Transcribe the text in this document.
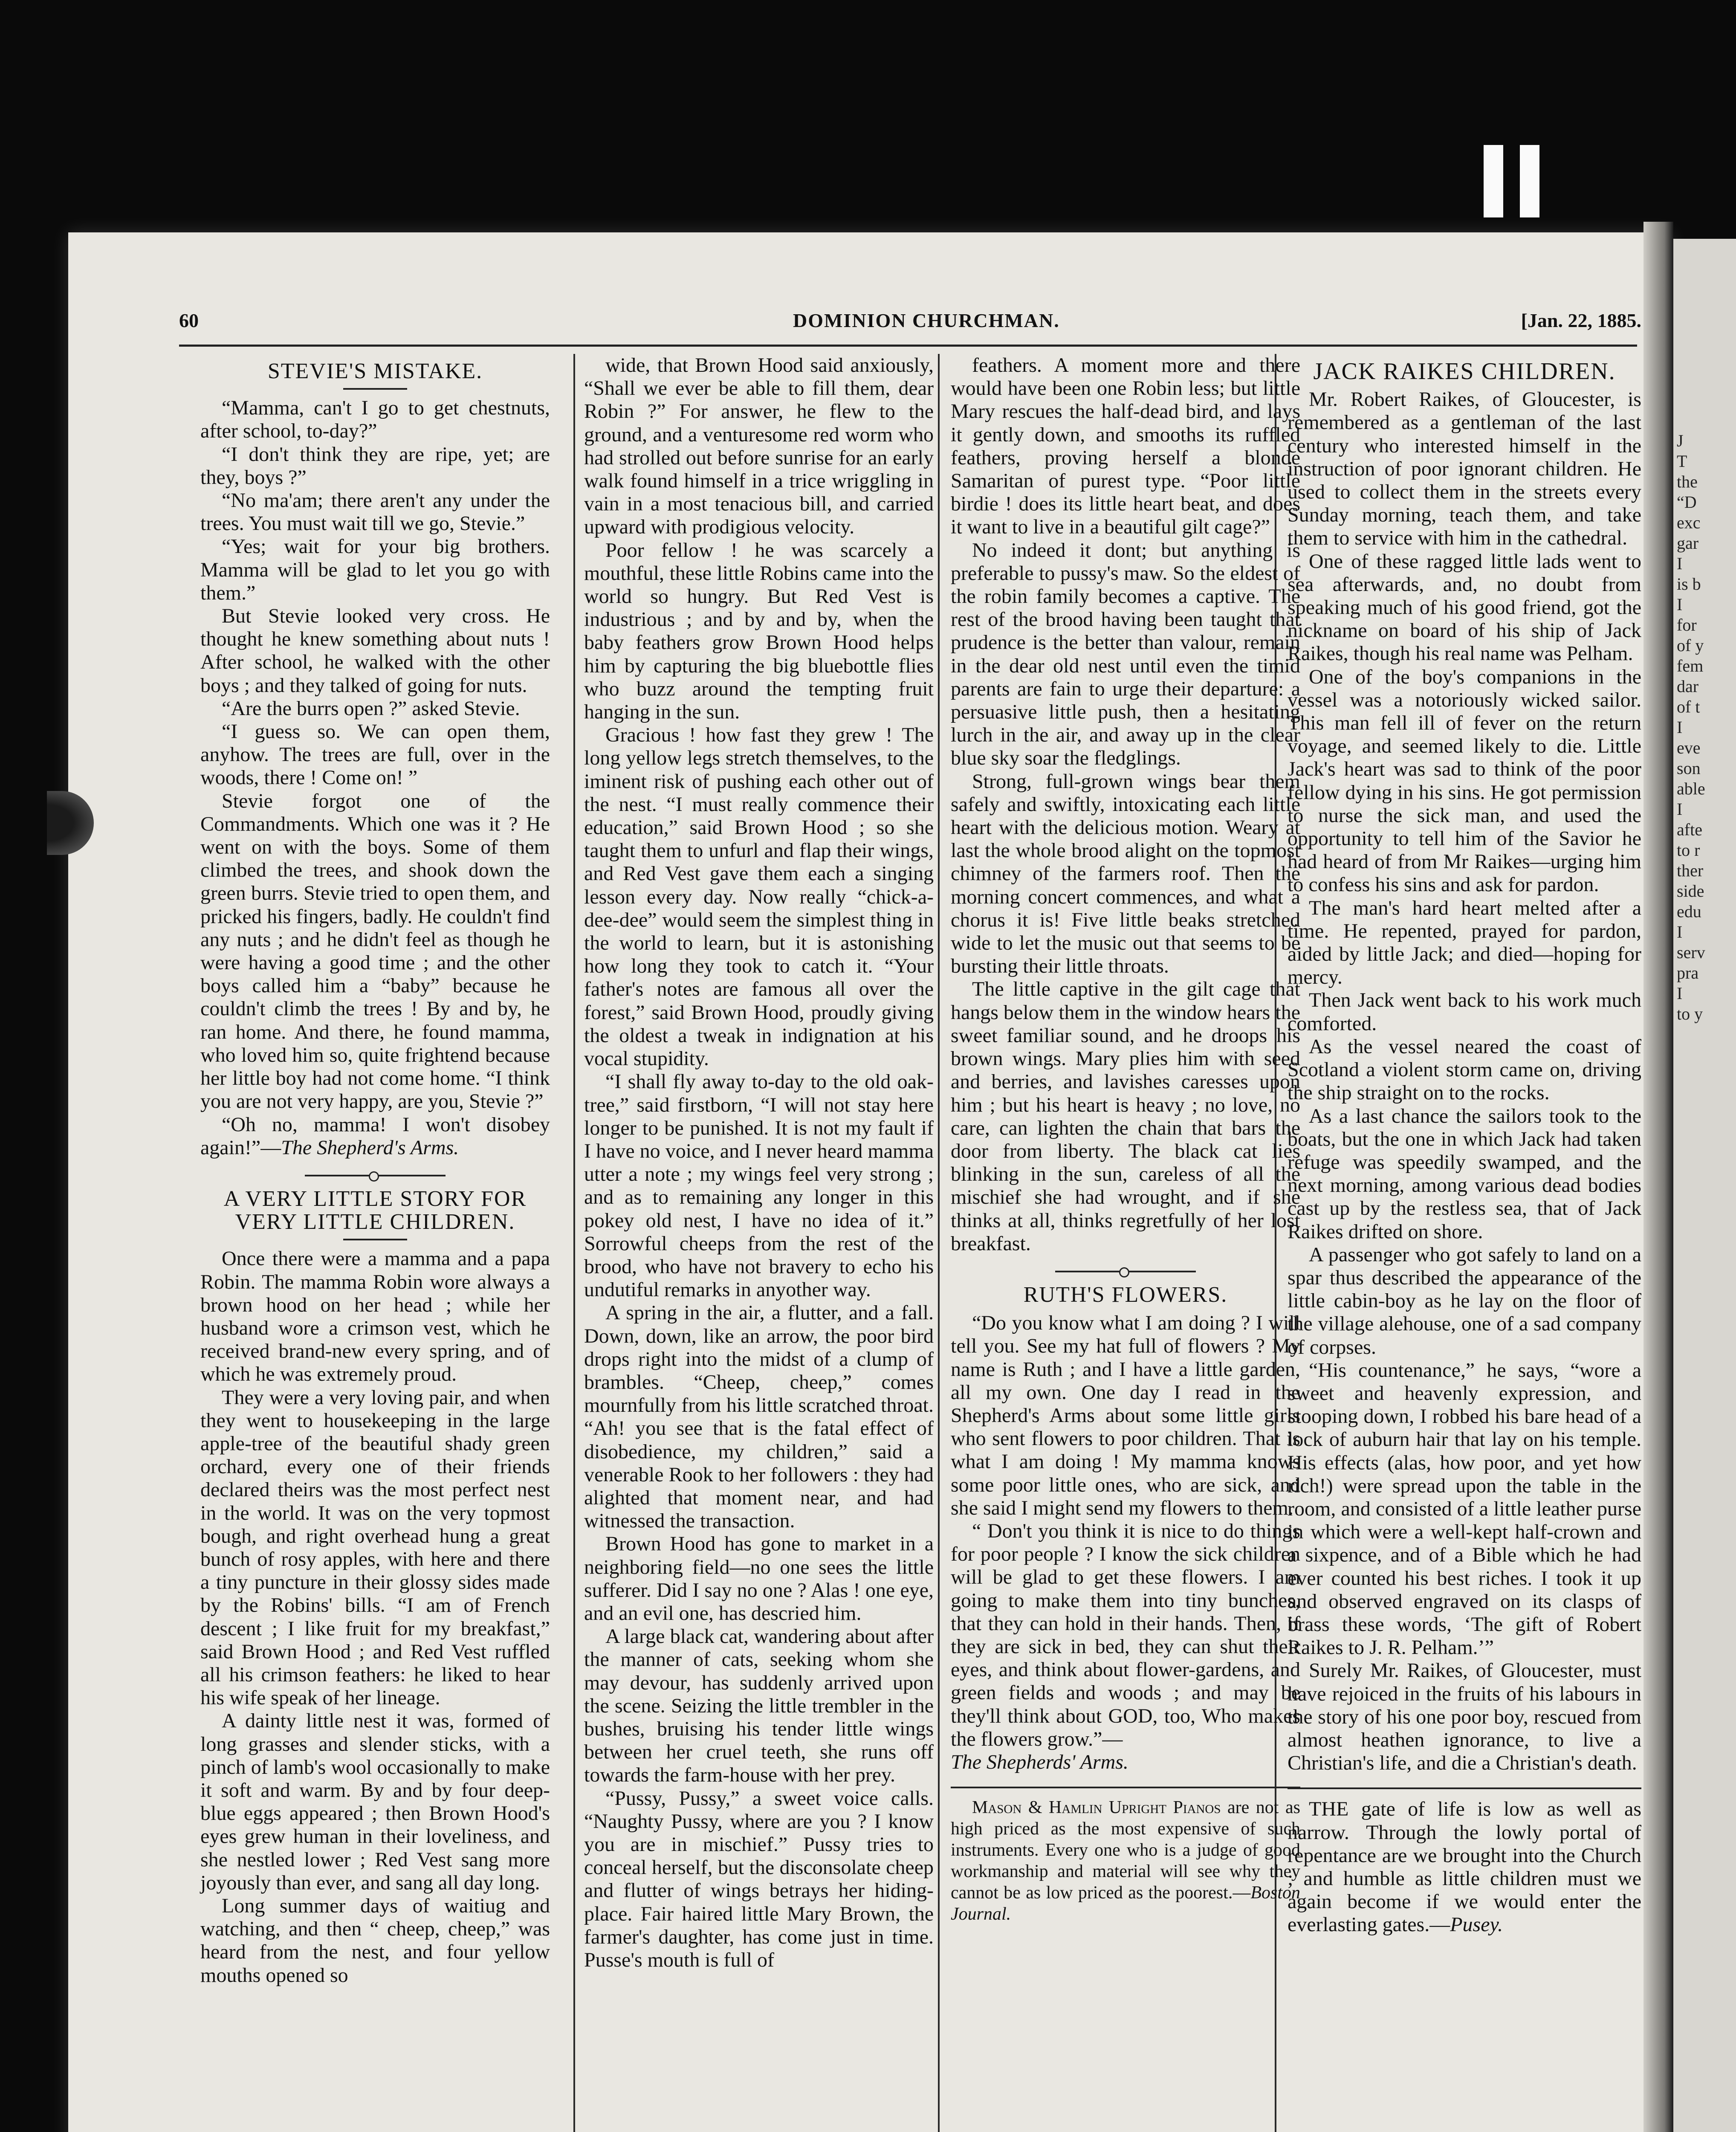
J
T
the
“D
exc
gar
I
is b
I
for
of y
fem
dar
of t
I
eve
son
able
I
afte
to r
ther
side
edu
I
serv
pra
I
to y
60	DOMINION CHURCHMAN.	[Jan. 22, 1885.
STEVIE'S MISTAKE.

“Mamma, can't I go to get chestnuts, after school, to-day?”

“I don't think they are ripe, yet; are they, boys ?”

“No ma'am; there aren't any under the trees. You must wait till we go, Stevie.”

“Yes; wait for your big brothers. Mamma will be glad to let you go with them.”

But Stevie looked very cross. He thought he knew something about nuts ! After school, he walked with the other boys ; and they talked of going for nuts.

“Are the burrs open ?” asked Stevie.

“I guess so. We can open them, anyhow. The trees are full, over in the woods, there ! Come on! ”

Stevie forgot one of the Commandments. Which one was it ? He went on with the boys. Some of them climbed the trees, and shook down the green burrs. Stevie tried to open them, and pricked his fingers, badly. He couldn't find any nuts ; and he didn't feel as though he were having a good time ; and the other boys called him a “baby” because he couldn't climb the trees ! By and by, he ran home. And there, he found mamma, who loved him so, quite frightend because her little boy had not come home. “I think you are not very happy, are you, Stevie ?”

“Oh no, mamma! I won't disobey again!”—The Shepherd's Arms.

A VERY LITTLE STORY FOR VERY LITTLE CHILDREN.

Once there were a mamma and a papa Robin. The mamma Robin wore always a brown hood on her head ; while her husband wore a crimson vest, which he received brand-new every spring, and of which he was extremely proud.

They were a very loving pair, and when they went to housekeeping in the large apple-tree of the beautiful shady green orchard, every one of their friends declared theirs was the most perfect nest in the world. It was on the very topmost bough, and right overhead hung a great bunch of rosy apples, with here and there a tiny puncture in their glossy sides made by the Robins' bills. “I am of French descent ; I like fruit for my breakfast,” said Brown Hood ; and Red Vest ruffled all his crimson feathers: he liked to hear his wife speak of her lineage.

A dainty little nest it was, formed of long grasses and slender sticks, with a pinch of lamb's wool occasionally to make it soft and warm. By and by four deep-blue eggs appeared ; then Brown Hood's eyes grew human in their loveliness, and she nestled lower ; Red Vest sang more joyously than ever, and sang all day long.

Long summer days of waitiug and watching, and then “ cheep, cheep,” was heard from the nest, and four yellow mouths opened so

wide, that Brown Hood said anxiously, “Shall we ever be able to fill them, dear Robin ?” For answer, he flew to the ground, and a venturesome red worm who had strolled out before sunrise for an early walk found himself in a trice wriggling in vain in a most tenacious bill, and carried upward with prodigious velocity.

Poor fellow ! he was scarcely a mouthful, these little Robins came into the world so hungry. But Red Vest is industrious ; and by and by, when the baby feathers grow Brown Hood helps him by capturing the big bluebottle flies who buzz around the tempting fruit hanging in the sun.

Gracious ! how fast they grew ! The long yellow legs stretch themselves, to the iminent risk of pushing each other out of the nest. “I must really commence their education,” said Brown Hood ; so she taught them to unfurl and flap their wings, and Red Vest gave them each a singing lesson every day. Now really “chick-a-dee-dee” would seem the simplest thing in the world to learn, but it is astonishing how long they took to catch it. “Your father's notes are famous all over the forest,” said Brown Hood, proudly giving the oldest a tweak in indignation at his vocal stupidity.

“I shall fly away to-day to the old oak-tree,” said firstborn, “I will not stay here longer to be punished. It is not my fault if I have no voice, and I never heard mamma utter a note ; my wings feel very strong ; and as to remaining any longer in this pokey old nest, I have no idea of it.” Sorrowful cheeps from the rest of the brood, who have not bravery to echo his undutiful remarks in anyother way.

A spring in the air, a flutter, and a fall. Down, down, like an arrow, the poor bird drops right into the midst of a clump of brambles. “Cheep, cheep,” comes mournfully from his little scratched throat. “Ah! you see that is the fatal effect of disobedience, my children,” said a venerable Rook to her followers : they had alighted that moment near, and had witnessed the transaction.

Brown Hood has gone to market in a neighboring field—no one sees the little sufferer. Did I say no one ? Alas ! one eye, and an evil one, has descried him.

A large black cat, wandering about after the manner of cats, seeking whom she may devour, has suddenly arrived upon the scene. Seizing the little trembler in the bushes, bruising his tender little wings between her cruel teeth, she runs off towards the farm-house with her prey.

“Pussy, Pussy,” a sweet voice calls. “Naughty Pussy, where are you ? I know you are in mischief.” Pussy tries to conceal herself, but the disconsolate cheep and flutter of wings betrays her hiding-place. Fair haired little Mary Brown, the farmer's daughter, has come just in time. Pusse's mouth is full of

feathers. A moment more and there would have been one Robin less; but little Mary rescues the half-dead bird, and lays it gently down, and smooths its ruffled feathers, proving herself a blonde Samaritan of purest type. “Poor little birdie ! does its little heart beat, and does it want to live in a beautiful gilt cage?”

No indeed it dont; but anything is preferable to pussy's maw. So the eldest of the robin family becomes a captive. The rest of the brood having been taught that prudence is the better than valour, remain in the dear old nest until even the timid parents are fain to urge their departure: a persuasive little push, then a hesitating lurch in the air, and away up in the clear blue sky soar the fledglings.

Strong, full-grown wings bear them safely and swiftly, intoxicating each little heart with the delicious motion. Weary at last the whole brood alight on the topmost chimney of the farmers roof. Then the morning concert commences, and what a chorus it is! Five little beaks stretched wide to let the music out that seems to be bursting their little throats.

The little captive in the gilt cage that hangs below them in the window hears the sweet familiar sound, and he droops his brown wings. Mary plies him with seed and berries, and lavishes caresses upon him ; but his heart is heavy ; no love, no care, can lighten the chain that bars the door from liberty. The black cat lies blinking in the sun, careless of all the mischief she had wrought, and if she thinks at all, thinks regretfully of her lost breakfast.

RUTH'S FLOWERS.

“Do you know what I am doing ? I will tell you. See my hat full of flowers ? My name is Ruth ; and I have a little garden, all my own. One day I read in the Shepherd's Arms about some little girls who sent flowers to poor children. That is what I am doing ! My mamma knows some poor little ones, who are sick, and she said I might send my flowers to them.

“ Don't you think it is nice to do things for poor people ? I know the sick children will be glad to get these flowers. I am going to make them into tiny bunches, that they can hold in their hands. Then, if they are sick in bed, they can shut their eyes, and think about flower-gardens, and green fields and woods ; and may be they'll think about GOD, too, Who makes the flowers grow.”—

The Shepherds' Arms.

Mason & Hamlin Upright Pianos are not as high priced as the most expensive of such instruments. Every one who is a judge of good workmanship and material will see why they cannot be as low priced as the poorest.—Boston Journal.

JACK RAIKES CHILDREN.

Mr. Robert Raikes, of Gloucester, is remembered as a gentleman of the last century who interested himself in the instruction of poor ignorant children. He used to collect them in the streets every Sunday morning, teach them, and take them to service with him in the cathedral.

One of these ragged little lads went to sea afterwards, and, no doubt from speaking much of his good friend, got the nickname on board of his ship of Jack Raikes, though his real name was Pelham.

One of the boy's companions in the vessel was a notoriously wicked sailor. This man fell ill of fever on the return voyage, and seemed likely to die. Little Jack's heart was sad to think of the poor fellow dying in his sins. He got permission to nurse the sick man, and used the opportunity to tell him of the Savior he had heard of from Mr Raikes—urging him to confess his sins and ask for pardon.

The man's hard heart melted after a time. He repented, prayed for pardon, aided by little Jack; and died—hoping for mercy.

Then Jack went back to his work much comforted.

As the vessel neared the coast of Scotland a violent storm came on, driving the ship straight on to the rocks.

As a last chance the sailors took to the boats, but the one in which Jack had taken refuge was speedily swamped, and the next morning, among various dead bodies cast up by the restless sea, that of Jack Raikes drifted on shore.

A passenger who got safely to land on a spar thus described the appearance of the little cabin-boy as he lay on the floor of the village alehouse, one of a sad company of corpses.

“His countenance,” he says, “wore a sweet and heavenly expression, and stooping down, I robbed his bare head of a lock of auburn hair that lay on his temple. His effects (alas, how poor, and yet how rich!) were spread upon the table in the room, and consisted of a little leather purse in which were a well-kept half-crown and a sixpence, and of a Bible which he had ever counted his best riches. I took it up and observed engraved on its clasps of brass these words, ‘The gift of Robert Raikes to J. R. Pelham.’”

Surely Mr. Raikes, of Gloucester, must have rejoiced in the fruits of his labours in the story of his one poor boy, rescued from almost heathen ignorance, to live a Christian's life, and die a Christian's death.

THE gate of life is low as well as narrow. Through the lowly portal of repentance are we brought into the Church ; and humble as little children must we again become if we would enter the everlasting gates.—Pusey.
